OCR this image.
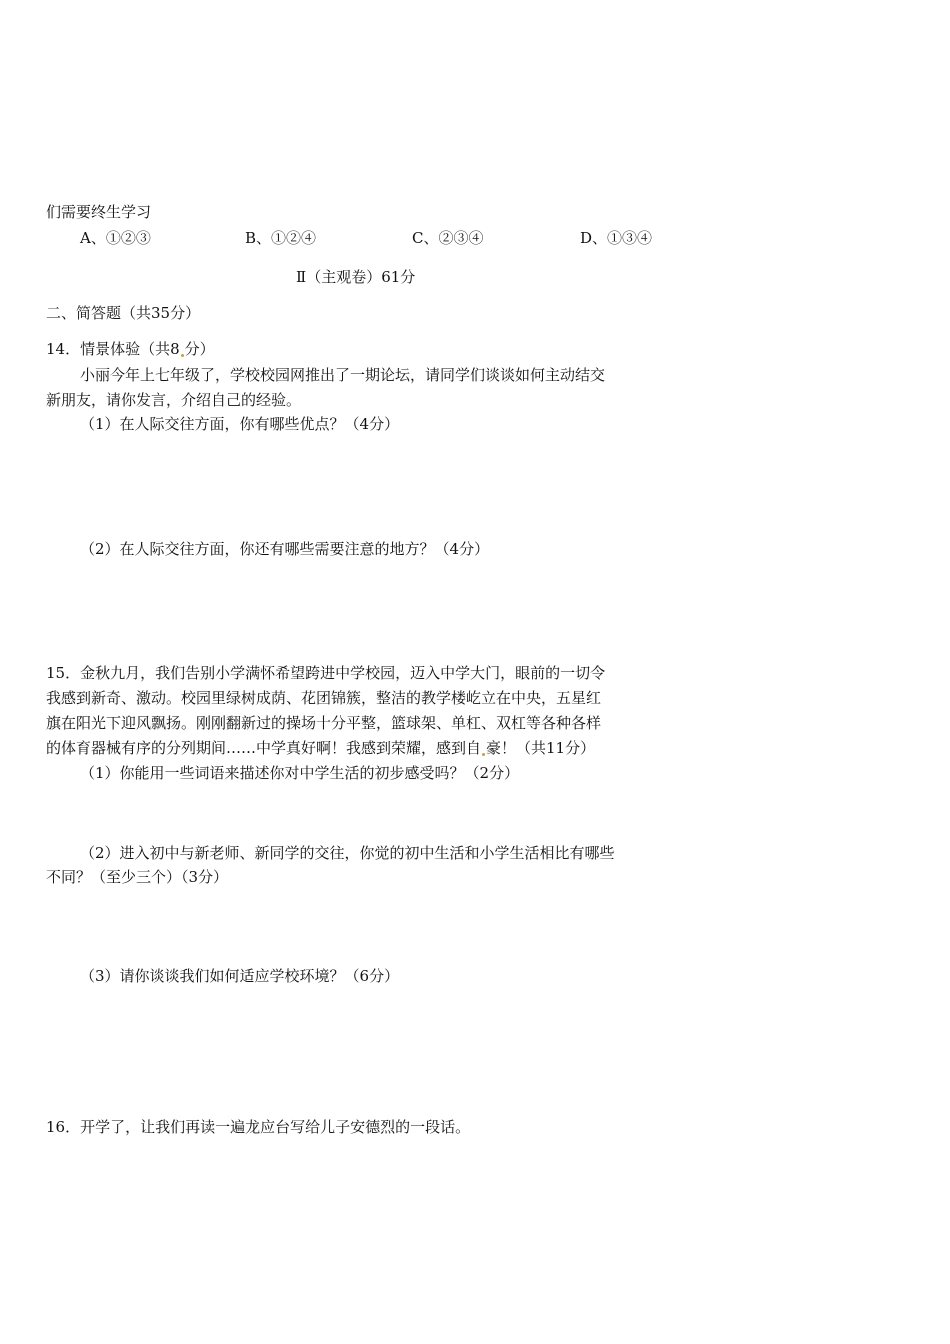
们需要终生学习
A、①②③	B、①②④	C、②③④	D、①③④
Ⅱ（主观卷）61分
二、简答题（共35分）
14．情景体验（共8 分）
小丽今年上七年级了，学校校园网推出了一期论坛，请同学们谈谈如何主动结交
新朋友，请你发言，介绍自己的经验。
（1）在人际交往方面，你有哪些优点？（4分）
（2）在人际交往方面，你还有哪些需要注意的地方？（4分）
15．金秋九月，我们告别小学满怀希望跨进中学校园，迈入中学大门，眼前的一切令
我感到新奇、激动。校园里绿树成荫、花团锦簇，整洁的教学楼屹立在中央，五星红
旗在阳光下迎风飘扬。刚刚翻新过的操场十分平整，篮球架、单杠、双杠等各种各样
的体育器械有序的分列期间……中学真好啊！我感到荣耀，感到自 豪！（共11分）
（1）你能用一些词语来描述你对中学生活的初步感受吗？（2分）
（2）进入初中与新老师、新同学的交往，你觉的初中生活和小学生活相比有哪些
不同？（至少三个）（3分）
（3）请你谈谈我们如何适应学校环境？（6分）
16．开学了，让我们再读一遍龙应台写给儿子安德烈的一段话。
